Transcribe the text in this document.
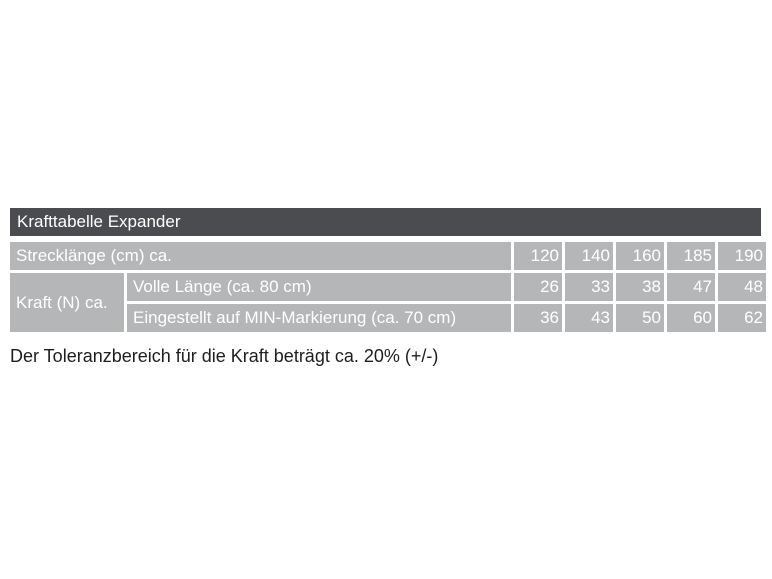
Krafttabelle Expander
Strecklänge (cm) ca.		120	140	160	185	190
Kraft (N) ca.	Volle Länge (ca. 80 cm)	26	33	38	47	48
	Eingestellt auf MIN-Markierung (ca. 70 cm)	36	43	50	60	62
Der Toleranzbereich für die Kraft beträgt ca. 20% (+/-)
